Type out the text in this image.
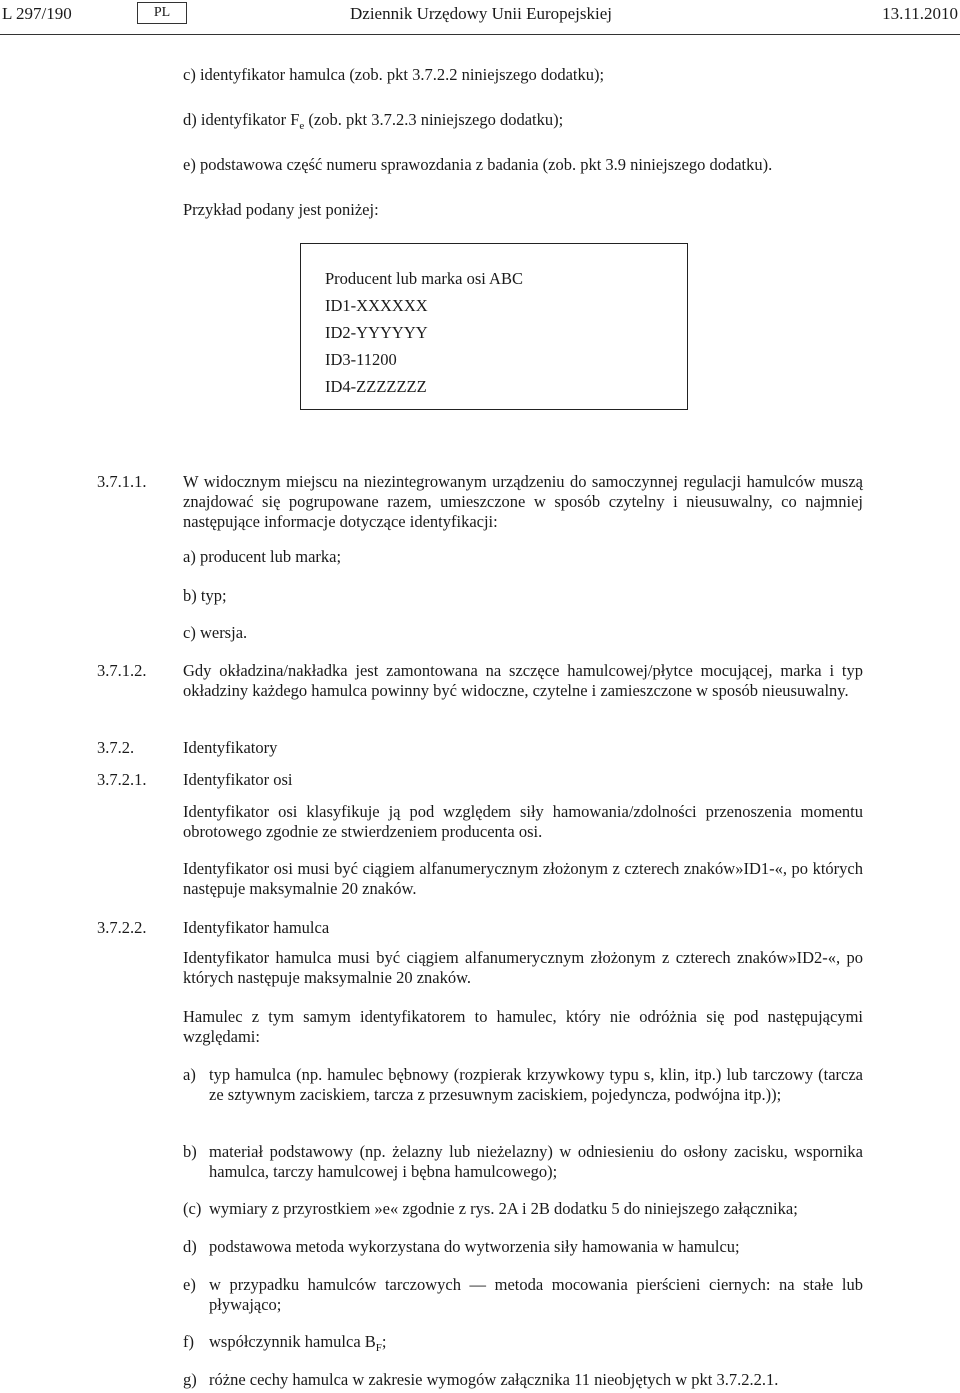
L 297/190	PL	Dziennik Urzędowy Unii Europejskiej	13.11.2010
c) identyfikator hamulca (zob. pkt 3.7.2.2 niniejszego dodatku);
d) identyfikator $F_e$ (zob. pkt 3.7.2.3 niniejszego dodatku);
e) podstawowa część numeru sprawozdania z badania (zob. pkt 3.9 niniejszego dodatku).
Przykład podany jest poniżej:
Producent lub marka osi ABC
ID1-XXXXXX
ID2-YYYYYY
ID3-11200
ID4-ZZZZZZZ
3.7.1.1. W widocznym miejscu na niezintegrowanym urządzeniu do samoczynnej regulacji hamulców muszą znajdować się pogrupowane razem, umieszczone w sposób czytelny i nieusuwalny, co najmniej następujące informacje dotyczące identyfikacji:
a) producent lub marka;
b) typ;
c) wersja.
3.7.1.2. Gdy okładzina/nakładka jest zamontowana na szczęce hamulcowej/płytce mocującej, marka i typ okładziny każdego hamulca powinny być widoczne, czytelne i zamieszczone w sposób nieusuwalny.
3.7.2.	Identyfikatory
3.7.2.1. Identyfikator osi
Identyfikator osi klasyfikuje ją pod względem siły hamowania/zdolności przenoszenia momentu obrotowego zgodnie ze stwierdzeniem producenta osi.
Identyfikator osi musi być ciągiem alfanumerycznym złożonym z czterech znaków»ID1-«, po których następuje maksymalnie 20 znaków.
3.7.2.2. Identyfikator hamulca
Identyfikator hamulca musi być ciągiem alfanumerycznym złożonym z czterech znaków»ID2-«, po których następuje maksymalnie 20 znaków.
Hamulec z tym samym identyfikatorem to hamulec, który nie odróżnia się pod następującymi względami:
a) typ hamulca (np. hamulec bębnowy (rozpierak krzywkowy typu s, klin, itp.) lub tarczowy (tarcza ze sztywnym zaciskiem, tarcza z przesuwnym zaciskiem, pojedyncza, podwójna itp.));
b) materiał podstawowy (np. żelazny lub nieżelazny) w odniesieniu do osłony zacisku, wspornika hamulca, tarczy hamulcowej i bębna hamulcowego);
(c) wymiary z przyrostkiem »e« zgodnie z rys. 2A i 2B dodatku 5 do niniejszego załącznika;
d) podstawowa metoda wykorzystana do wytworzenia siły hamowania w hamulcu;
e) w przypadku hamulców tarczowych — metoda mocowania pierścieni ciernych: na stałe lub pływająco;
f) współczynnik hamulca $B_F$;
g) różne cechy hamulca w zakresie wymogów załącznika 11 nieobjętych w pkt 3.7.2.2.1.
